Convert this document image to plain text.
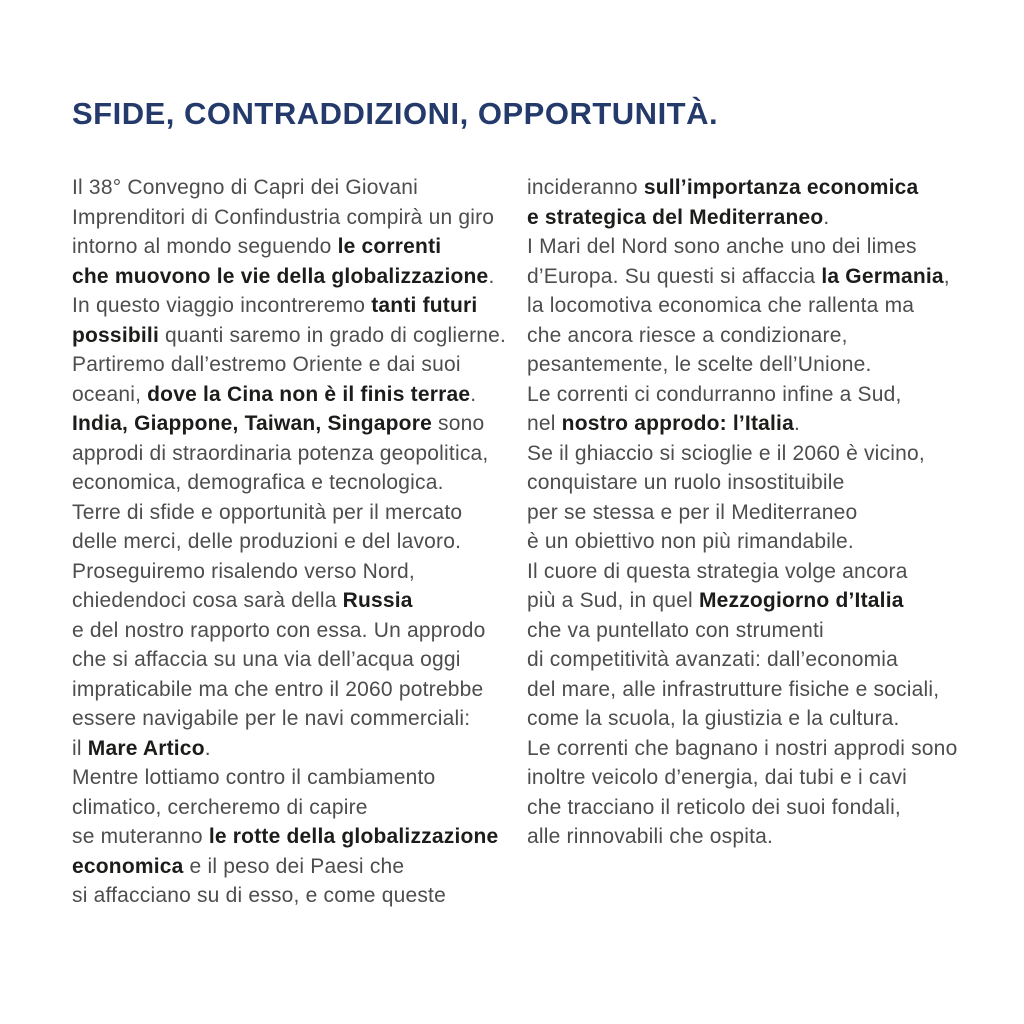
SFIDE, CONTRADDIZIONI, OPPORTUNITÀ.
Il 38° Convegno di Capri dei Giovani
Imprenditori di Confindustria compirà un giro
intorno al mondo seguendo le correnti
che muovono le vie della globalizzazione.
In questo viaggio incontreremo tanti futuri
possibili quanti saremo in grado di coglierne.
Partiremo dall’estremo Oriente e dai suoi
oceani, dove la Cina non è il finis terrae.
India, Giappone, Taiwan, Singapore sono
approdi di straordinaria potenza geopolitica,
economica, demografica e tecnologica.
Terre di sfide e opportunità per il mercato
delle merci, delle produzioni e del lavoro.
Proseguiremo risalendo verso Nord,
chiedendoci cosa sarà della Russia
e del nostro rapporto con essa. Un approdo
che si affaccia su una via dell’acqua oggi
impraticabile ma che entro il 2060 potrebbe
essere navigabile per le navi commerciali:
il Mare Artico.
Mentre lottiamo contro il cambiamento
climatico, cercheremo di capire
se muteranno le rotte della globalizzazione
economica e il peso dei Paesi che
si affacciano su di esso, e come queste
incideranno sull’importanza economica
e strategica del Mediterraneo.
I Mari del Nord sono anche uno dei limes
d’Europa. Su questi si affaccia la Germania,
la locomotiva economica che rallenta ma
che ancora riesce a condizionare,
pesantemente, le scelte dell’Unione.
Le correnti ci condurranno infine a Sud,
nel nostro approdo: l’Italia.
Se il ghiaccio si scioglie e il 2060 è vicino,
conquistare un ruolo insostituibile
per se stessa e per il Mediterraneo
è un obiettivo non più rimandabile.
Il cuore di questa strategia volge ancora
più a Sud, in quel Mezzogiorno d’Italia
che va puntellato con strumenti
di competitività avanzati: dall’economia
del mare, alle infrastrutture fisiche e sociali,
come la scuola, la giustizia e la cultura.
Le correnti che bagnano i nostri approdi sono
inoltre veicolo d’energia, dai tubi e i cavi
che tracciano il reticolo dei suoi fondali,
alle rinnovabili che ospita.
